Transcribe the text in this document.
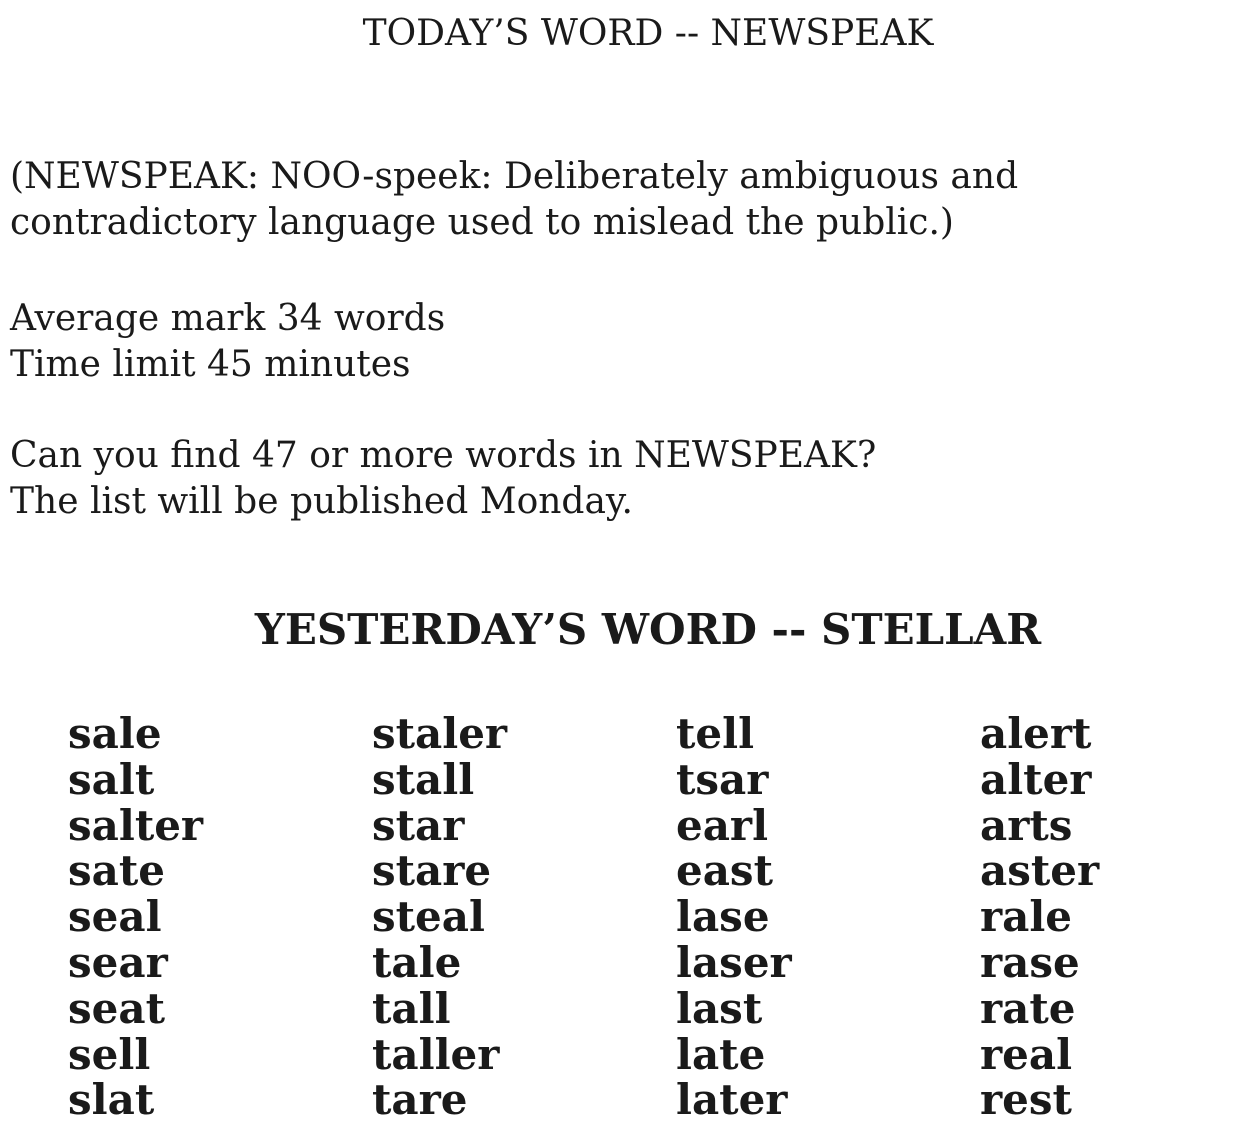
TODAY’S WORD -- NEWSPEAK
(NEWSPEAK: NOO-speek: Deliberately ambiguous and contradictory language used to mislead the public.)
Average mark 34 words
Time limit 45 minutes
Can you find 47 or more words in NEWSPEAK?
The list will be published Monday.
YESTERDAY’S WORD -- STELLAR
sale
salt
salter
sate
seal
sear
seat
sell
slat
staler
stall
star
stare
steal
tale
tall
taller
tare
tell
tsar
earl
east
lase
laser
last
late
later
alert
alter
arts
aster
rale
rase
rate
real
rest
